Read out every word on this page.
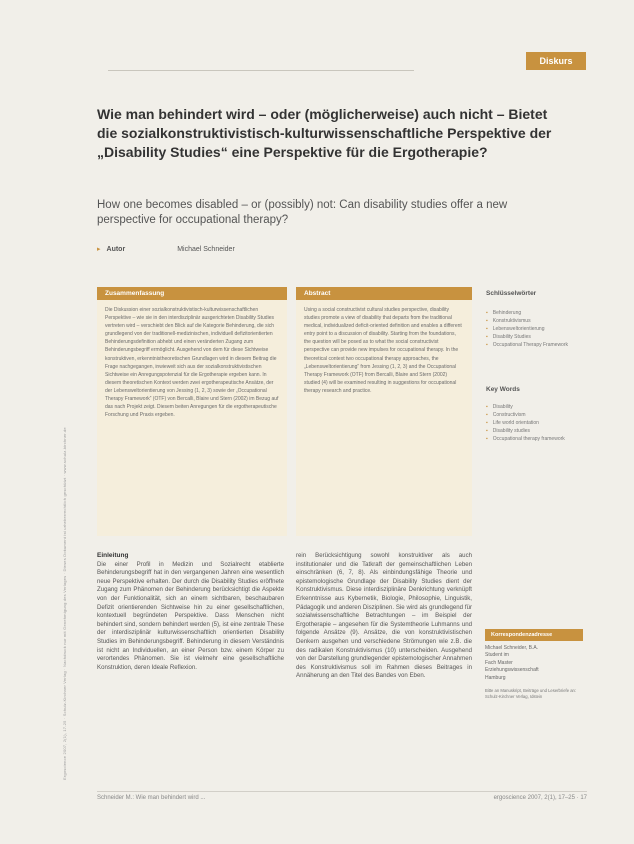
Ergoscience 2007, 2(1), 17-25 · Schulz-Kirchner Verlag · Nachdruck nur mit Genehmigung des Verlages · Dieses Dokument ist urheberrechtlich geschützt · www.schulz-kirchner.de
Diskurs
Wie man behindert wird – oder (möglicherweise) auch nicht – Bietet die sozialkonstruktivistisch-kulturwissenschaftliche Perspektive der „Disability Studies“ eine Perspektive für die Ergotherapie?
How one becomes disabled – or (possibly) not: Can disability studies offer a new perspective for occupational therapy?
▸ Autor	Michael Schneider
Zusammenfassung
Die Diskussion einer sozialkonstruktivistisch-kulturwissenschaftlichen Perspektive – wie sie in den interdisziplinär ausgerichteten Disability Studies vertreten wird – verschiebt den Blick auf die Kategorie Behinderung, die sich grundlegend von der traditionell-medizinischen, individuell defizitorientierten Behinderungsdefinition abhebt und einen veränderten Zugang zum Behinderungsbegriff ermöglicht. Ausgehend von dem für diese Sichtweise konstruktiven, erkenntnistheoretischen Grundlagen wird in diesem Beitrag die Frage nachgegangen, inwieweit sich aus der sozialkonstruktivistischen Sichtweise ein Anregungspotenzial für die Ergotherapie ergeben kann. In diesem theoretischen Kontext werden zwei ergotherapeutische Ansätze, der der Lebensweltorientierung von Jessing (1, 2, 3) sowie der „Occupational Therapy Framework“ (OTF) von Bercalli, Blaire und Stern (2002) im Bezug auf das nach Projekt zeigt. Diesem beiten Anregungen für die ergotherapeutische Forschung und Praxis ergeben.
Abstract
Using a social constructivist cultural studies perspective, disability studies promote a view of disability that departs from the traditional medical, individualized deficit-oriented definition and enables a different entry point to a discussion of disability. Starting from the foundations, the question will be posed as to what the social constructivist perspective can provide new impulses for occupational therapy. In the theoretical context two occupational therapy approaches, the „Lebensweltorientierung“ from Jessing (1, 2, 3) and the Occupational Therapy Framework (OTF) from Bercalli, Blaire and Stern (2002) studied (4) will be examined resulting in suggestions for occupational therapy research and practice.
Schlüsselwörter
▪ Behinderung
▪ Konstruktivismus
▪ Lebensweltorientierung
▪ Disability Studies
▪ Occupational Therapy Framework
Key Words
▪ Disability
▪ Constructivism
▪ Life world orientation
▪ Disability studies
▪ Occupational therapy framework
Einleitung
Die einer Profil in Medizin und Sozialrecht etablierte Behinderungsbegriff hat in den vergangenen Jahren eine wesentlich neue Perspektive erhalten. Der durch die Disability Studies eröffnete Zugang zum Phänomen der Behinderung berücksichtigt die Aspekte von der Funktionalität, sich an einem sichtbaren, beschaubaren Defizit orientierenden Sichtweise hin zu einer gesellschaftlichen, kontextuell begründeten Perspektive. Dass Menschen nicht behindert sind, sondern behindert werden (5), ist eine zentrale These der interdisziplinär kulturwissenschaftlich orientierten Disability Studies im Behinderungsbegriff. Behinderung in diesem Verständnis ist nicht an Individuellen, an einer Person bzw. einem Körper zu verortendes Phänomen. Sie ist vielmehr eine gesellschaftliche Konstruktion, deren Ideale Reflexion.
rein Berücksichtigung sowohl konstruktiver als auch institutionaler und die Tatkraft der gemeinschaftlichen Leben einschränken (6, 7, 8). Als einbindungsfähige Theorie und epistemologische Grundlage der Disability Studies dient der Konstruktivismus. Diese interdisziplinäre Denkrichtung verknüpft Erkenntnisse aus Kybernetik, Biologie, Philosophie, Linguistik, Pädagogik und anderen Disziplinen. Sie wird als grundlegend für sozialwissenschaftliche Betrachtungen – im Beispiel der Ergotherapie – angesehen für die Systemtheorie Luhmanns und folgende Ansätze (9). Ansätze, die von konstruktivistischen Denkern ausgehen und verschiedene Strömungen wie z.B. die des radikalen Konstruktivismus (10) unterscheiden. Ausgehend von der Darstellung grundlegender epistemologischer Annahmen des Konstruktivismus soll im Rahmen dieses Beitrages in Annäherung an den Titel des Bandes von Eben.
Korrespondenzadresse
Michael Schneider, B.A.
Student im
Fach Master
Erziehungswissenschaft
Hamburg
Bitte an Manuskript, Beiträge und Leserbriefe an: Schulz-Kirchner Verlag, Idstein
Schneider M.: Wie man behindert wird ...	ergoscience 2007, 2(1), 17–25 · 17
